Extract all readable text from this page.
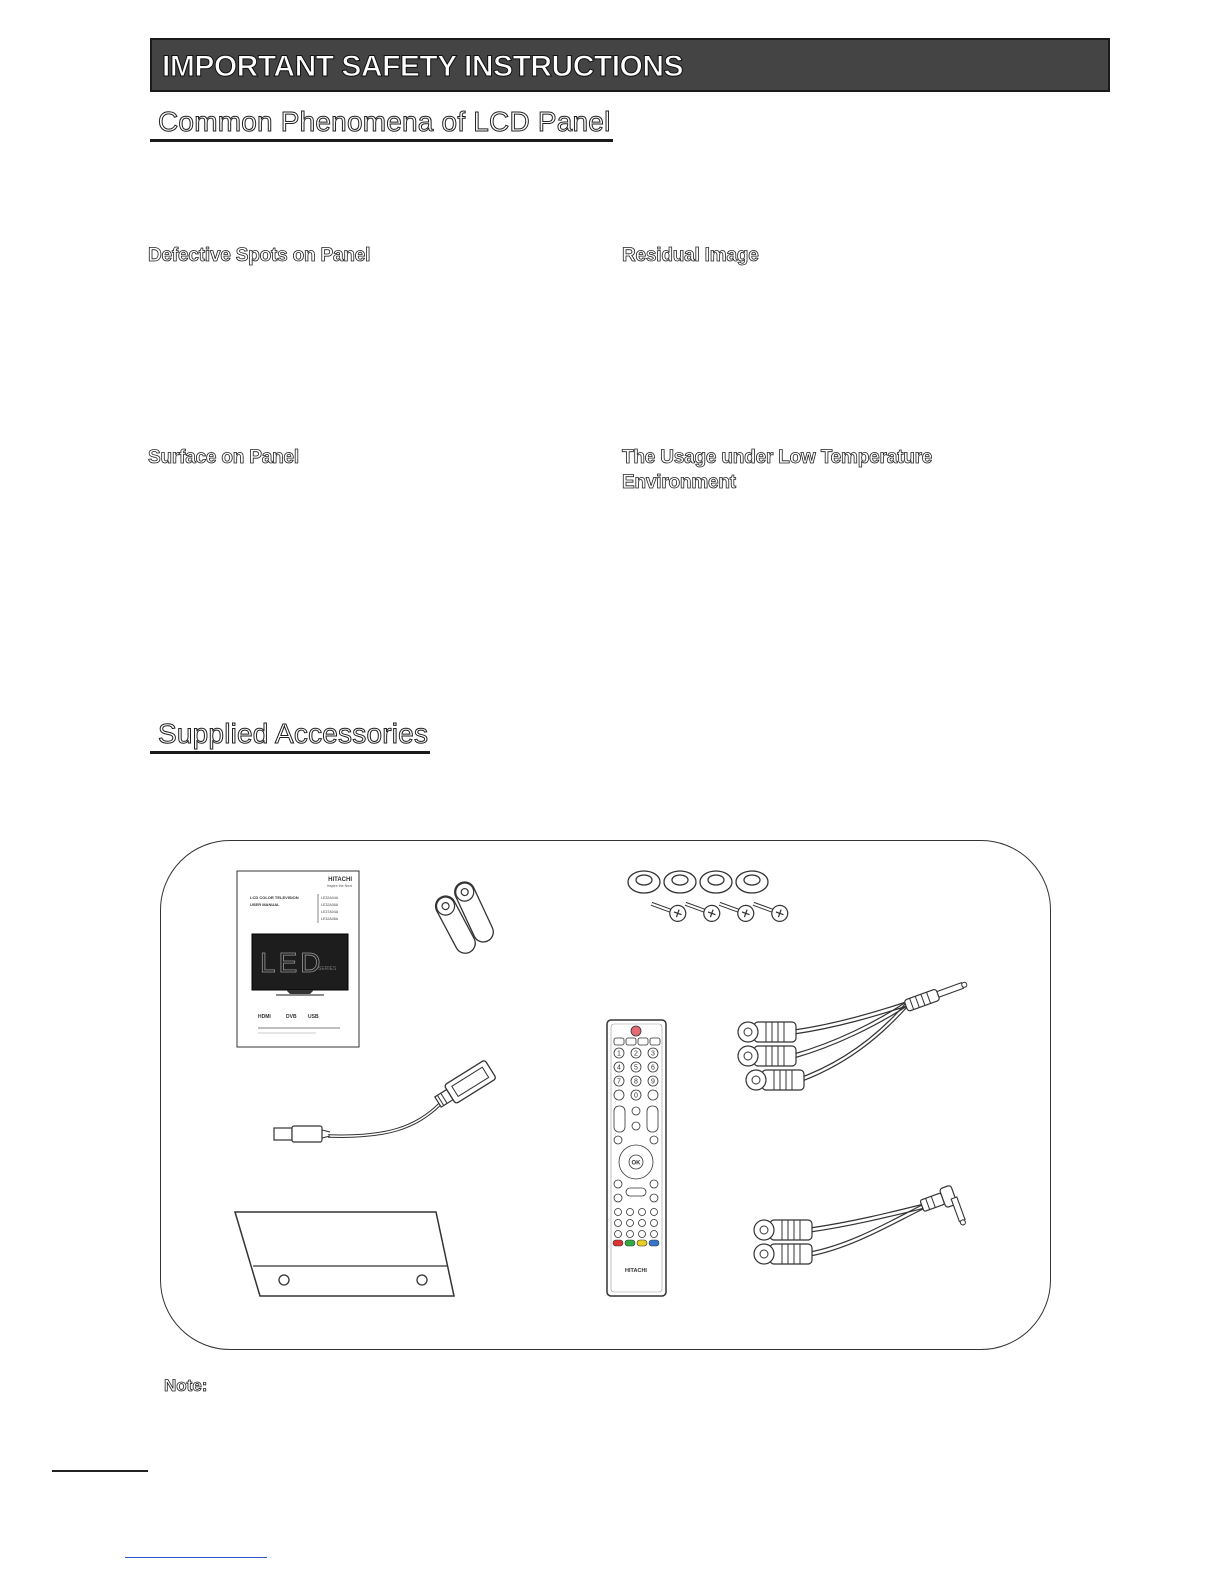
IMPORTANT SAFETY INSTRUCTIONS
Common Phenomena of LCD Panel
Defective Spots on Panel	Residual Image
Surface on Panel	The Usage under Low Temperature Environment
Supplied Accessories
HITACHI
Inspire the Next
LCD COLOR TELEVISION
USER MANUAL
LE32A04A
LE32A06A
LE37A04A
LE32A06A
LED
SERIES
HDMI	DVB USB
1 2 3
4 5 6
7 8 9
0
OK
HITACHI
Note:
